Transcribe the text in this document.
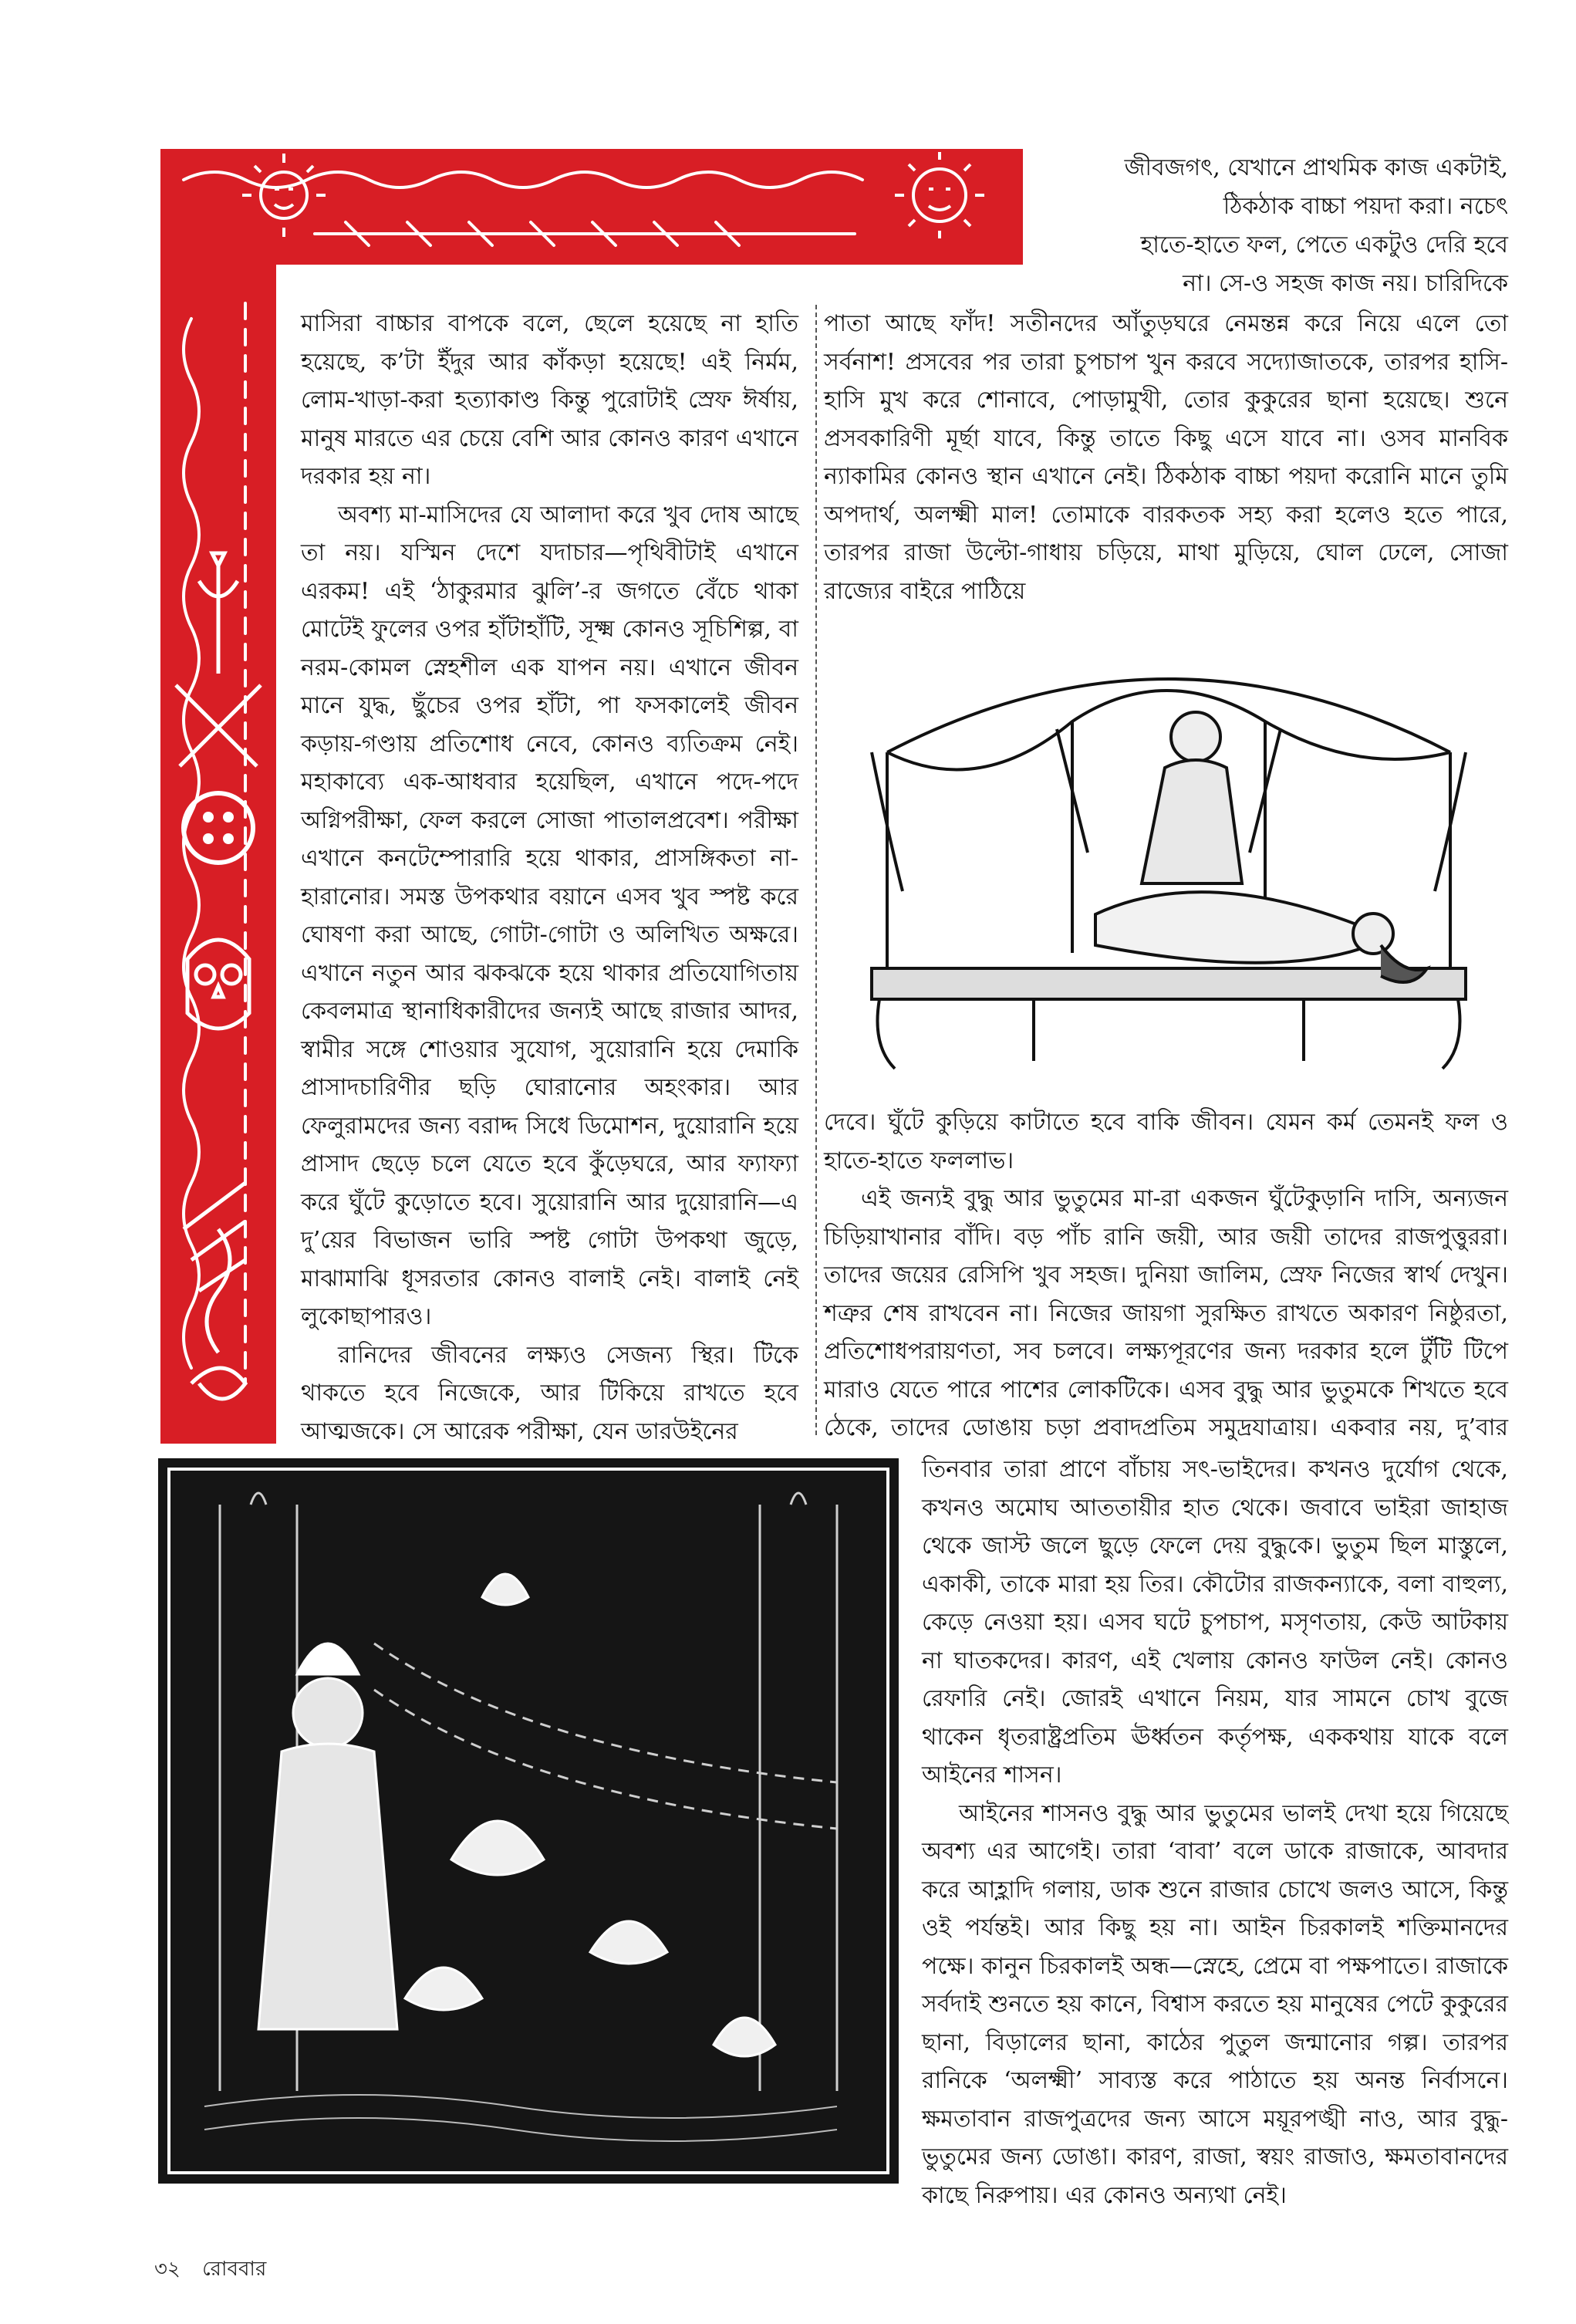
জীবজগৎ, যেখানে প্রাথমিক কাজ একটাই,
ঠিকঠাক বাচ্চা পয়দা করা। নচেৎ
হাতে-হাতে ফল, পেতে একটুও দেরি হবে
না। সে-ও সহজ কাজ নয়। চারিদিকে

মাসিরা বাচ্চার বাপকে বলে, ছেলে হয়েছে না হাতি হয়েছে, ক’টা ইঁদুর আর কাঁকড়া হয়েছে! এই নির্মম, লোম-খাড়া-করা হত্যাকাণ্ড কিন্তু পুরোটাই স্রেফ ঈর্ষায়, মানুষ মারতে এর চেয়ে বেশি আর কোনও কারণ এখানে দরকার হয় না।

অবশ্য মা-মাসিদের যে আলাদা করে খুব দোষ আছে তা নয়। যস্মিন দেশে যদাচার—পৃথিবীটাই এখানে এরকম! এই ‘ঠাকুরমার ঝুলি’-র জগতে বেঁচে থাকা মোটেই ফুলের ওপর হাঁটাহাঁটি, সূক্ষ্ম কোনও সূচিশিল্প, বা নরম-কোমল স্নেহশীল এক যাপন নয়। এখানে জীবন মানে যুদ্ধ, ছুঁচের ওপর হাঁটা, পা ফসকালেই জীবন কড়ায়-গণ্ডায় প্রতিশোধ নেবে, কোনও ব্যতিক্রম নেই। মহাকাব্যে এক-আধবার হয়েছিল, এখানে পদে-পদে অগ্নিপরীক্ষা, ফেল করলে সোজা পাতালপ্রবেশ। পরীক্ষা এখানে কনটেম্পোরারি হয়ে থাকার, প্রাসঙ্গিকতা না-হারানোর। সমস্ত উপকথার বয়ানে এসব খুব স্পষ্ট করে ঘোষণা করা আছে, গোটা-গোটা ও অলিখিত অক্ষরে। এখানে নতুন আর ঝকঝকে হয়ে থাকার প্রতিযোগিতায় কেবলমাত্র স্থানাধিকারীদের জন্যই আছে রাজার আদর, স্বামীর সঙ্গে শোওয়ার সুযোগ, সুয়োরানি হয়ে দেমাকি প্রাসাদচারিণীর ছড়ি ঘোরানোর অহংকার। আর ফেলুরামদের জন্য বরাদ্দ সিধে ডিমোশন, দুয়োরানি হয়ে প্রাসাদ ছেড়ে চলে যেতে হবে কুঁড়েঘরে, আর ফ্যাফ্যা করে ঘুঁটে কুড়োতে হবে। সুয়োরানি আর দুয়োরানি—এ দু’য়ের বিভাজন ভারি স্পষ্ট গোটা উপকথা জুড়ে, মাঝামাঝি ধূসরতার কোনও বালাই নেই। বালাই নেই লুকোছাপারও।

রানিদের জীবনের লক্ষ্যও সেজন্য স্থির। টিকে থাকতে হবে নিজেকে, আর টিকিয়ে রাখতে হবে আত্মজকে। সে আরেক পরীক্ষা, যেন ডারউইনের

পাতা আছে ফাঁদ! সতীনদের আঁতুড়ঘরে নেমন্তন্ন করে নিয়ে এলে তো সর্বনাশ! প্রসবের পর তারা চুপচাপ খুন করবে সদ্যোজাতকে, তারপর হাসি-হাসি মুখ করে শোনাবে, পোড়ামুখী, তোর কুকুরের ছানা হয়েছে। শুনে প্রসবকারিণী মূর্ছা যাবে, কিন্তু তাতে কিছু এসে যাবে না। ওসব মানবিক ন্যাকামির কোনও স্থান এখানে নেই। ঠিকঠাক বাচ্চা পয়দা করোনি মানে তুমি অপদার্থ, অলক্ষ্মী মাল! তোমাকে বারকতক সহ্য করা হলেও হতে পারে, তারপর রাজা উল্টো-গাধায় চড়িয়ে, মাথা মুড়িয়ে, ঘোল ঢেলে, সোজা রাজ্যের বাইরে পাঠিয়ে

দেবে। ঘুঁটে কুড়িয়ে কাটাতে হবে বাকি জীবন। যেমন কর্ম তেমনই ফল ও হাতে-হাতে ফললাভ।

এই জন্যই বুদ্ধু আর ভুতুমের মা-রা একজন ঘুঁটেকুড়ানি দাসি, অন্যজন চিড়িয়াখানার বাঁদি। বড় পাঁচ রানি জয়ী, আর জয়ী তাদের রাজপুত্তুররা। তাদের জয়ের রেসিপি খুব সহজ। দুনিয়া জালিম, স্রেফ নিজের স্বার্থ দেখুন। শত্রুর শেষ রাখবেন না। নিজের জায়গা সুরক্ষিত রাখতে অকারণ নিষ্ঠুরতা, প্রতিশোধপরায়ণতা, সব চলবে। লক্ষ্যপূরণের জন্য দরকার হলে টুঁটি টিপে মারাও যেতে পারে পাশের লোকটিকে। এসব বুদ্ধু আর ভুতুমকে শিখতে হবে ঠেকে, তাদের ডোঙায় চড়া প্রবাদপ্রতিম সমুদ্রযাত্রায়। একবার নয়, দু’বার

তিনবার তারা প্রাণে বাঁচায় সৎ-ভাইদের। কখনও দুর্যোগ থেকে, কখনও অমোঘ আততায়ীর হাত থেকে। জবাবে ভাইরা জাহাজ থেকে জাস্ট জলে ছুড়ে ফেলে দেয় বুদ্ধুকে। ভুতুম ছিল মাস্তুলে, একাকী, তাকে মারা হয় তির। কৌটোর রাজকন্যাকে, বলা বাহুল্য, কেড়ে নেওয়া হয়। এসব ঘটে চুপচাপ, মসৃণতায়, কেউ আটকায় না ঘাতকদের। কারণ, এই খেলায় কোনও ফাউল নেই। কোনও রেফারি নেই। জোরই এখানে নিয়ম, যার সামনে চোখ বুজে থাকেন ধৃতরাষ্ট্রপ্রতিম ঊর্ধ্বতন কর্তৃপক্ষ, এককথায় যাকে বলে আইনের শাসন।

আইনের শাসনও বুদ্ধু আর ভুতুমের ভালই দেখা হয়ে গিয়েছে অবশ্য এর আগেই। তারা ‘বাবা’ বলে ডাকে রাজাকে, আবদার করে আহ্লাদি গলায়, ডাক শুনে রাজার চোখে জলও আসে, কিন্তু ওই পর্যন্তই। আর কিছু হয় না। আইন চিরকালই শক্তিমানদের পক্ষে। কানুন চিরকালই অন্ধ—স্নেহে, প্রেমে বা পক্ষপাতে। রাজাকে সর্বদাই শুনতে হয় কানে, বিশ্বাস করতে হয় মানুষের পেটে কুকুরের ছানা, বিড়ালের ছানা, কাঠের পুতুল জন্মানোর গল্প। তারপর রানিকে ‘অলক্ষ্মী’ সাব্যস্ত করে পাঠাতে হয় অনন্ত নির্বাসনে। ক্ষমতাবান রাজপুত্রদের জন্য আসে ময়ূরপঙ্খী নাও, আর বুদ্ধু-ভুতুমের জন্য ডোঙা। কারণ, রাজা, স্বয়ং রাজাও, ক্ষমতাবানদের কাছে নিরুপায়। এর কোনও অন্যথা নেই।

৩২ রোববার
